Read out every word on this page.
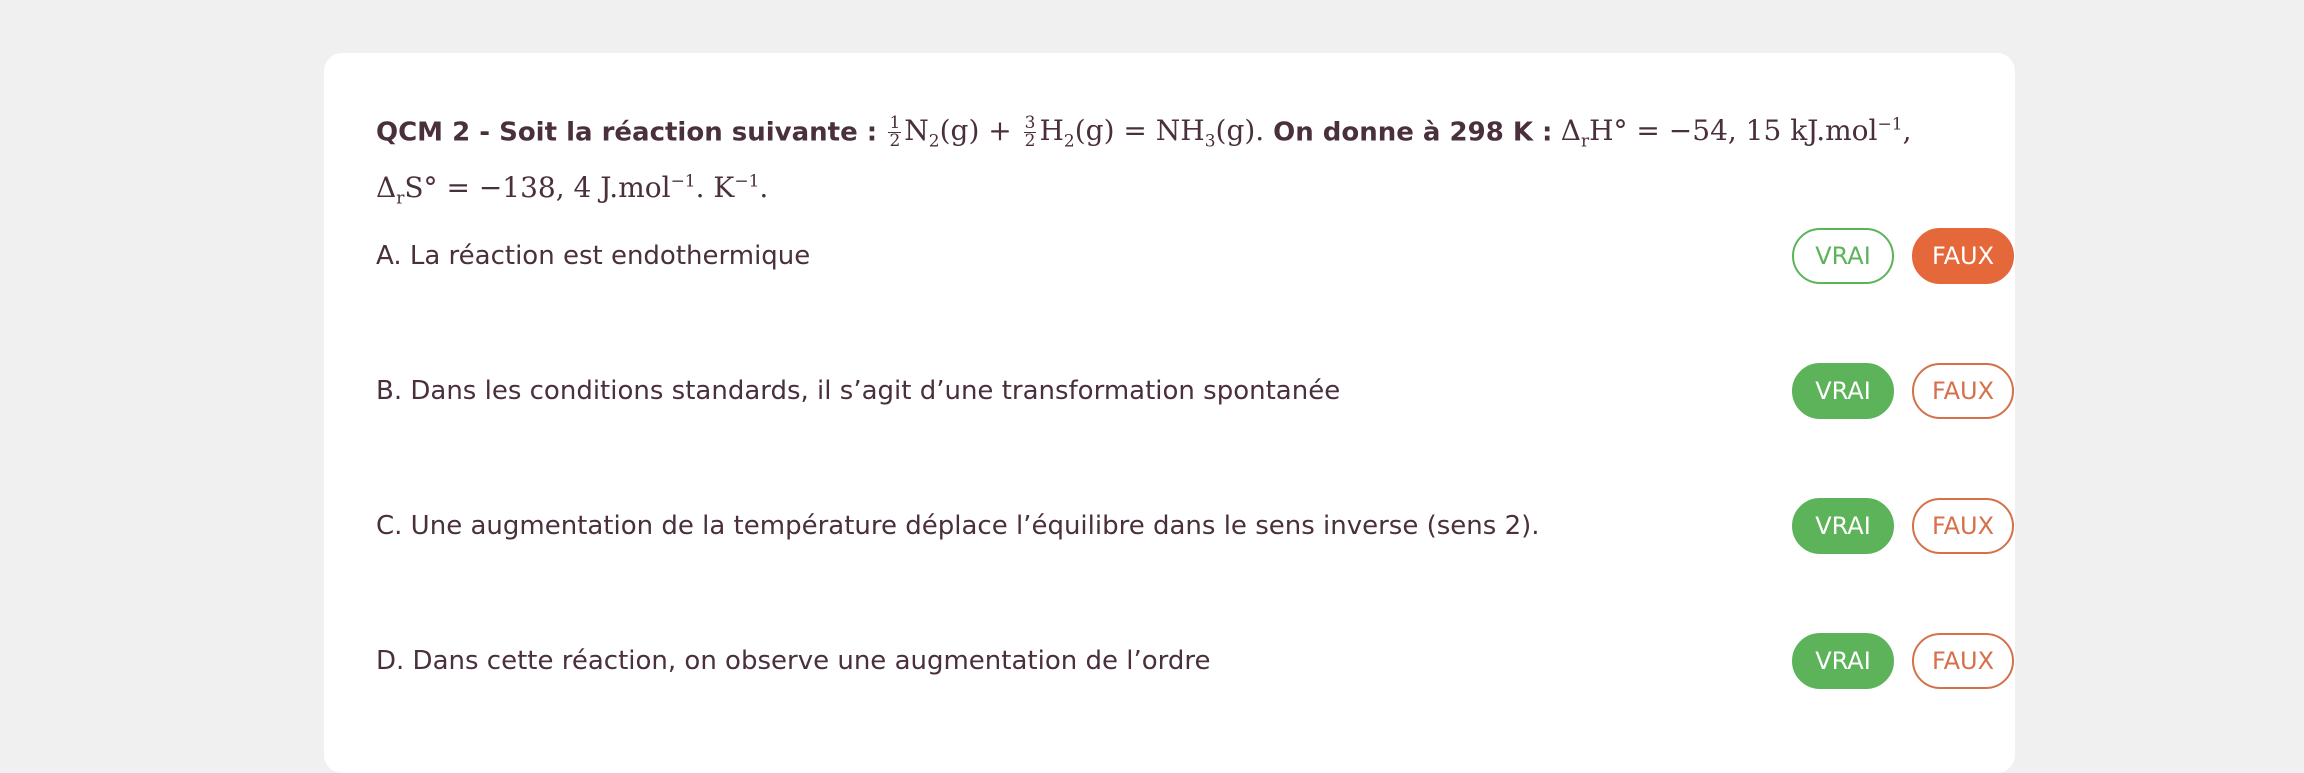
QCM 2 - Soit la réaction suivante : $\frac{1}{2} N_2(g) + \frac{3}{2} H_2(g) = NH_3(g)$. On donne à 298 K : $\Delta_rH^\circ = -54$, 15 kJ.mol$^{-1}$,
$\Delta_rS^\circ = -138$, 4 J.mol$^{-1}$. $K^{-1}$.
A. La réaction est endothermique	VRAI	FAUX
B. Dans les conditions standards, il s’agit d’une transformation spontanée	VRAI	FAUX
C. Une augmentation de la température déplace l’équilibre dans le sens inverse (sens 2).	VRAI	FAUX
D. Dans cette réaction, on observe une augmentation de l’ordre	VRAI	FAUX
